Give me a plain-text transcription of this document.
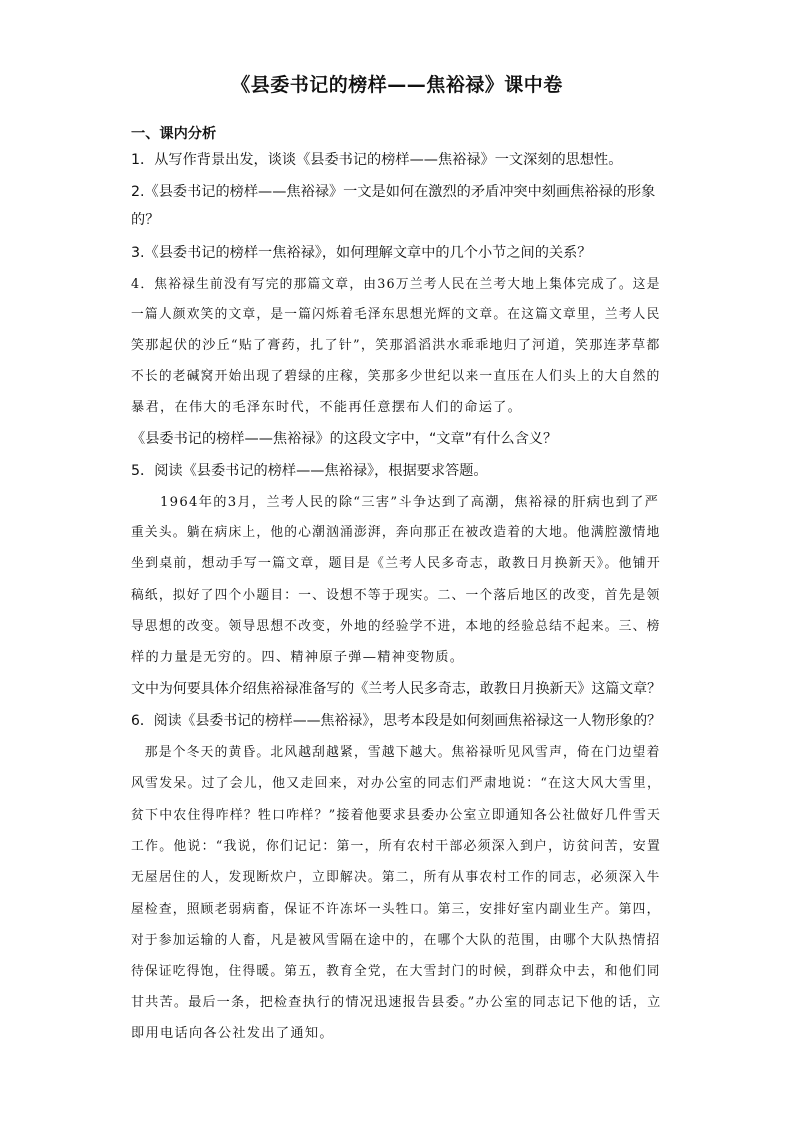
《县委书记的榜样——焦裕禄》课中卷
一、课内分析
1．从写作背景出发，谈谈《县委书记的榜样——焦裕禄》一文深刻的思想性。
2.《县委书记的榜样——焦裕禄》一文是如何在激烈的矛盾冲突中刻画焦裕禄的形象
的？
3.《县委书记的榜样一焦裕禄》，如何理解文章中的几个小节之间的关系？
4．焦裕禄生前没有写完的那篇文章，由36万兰考人民在兰考大地上集体完成了。这是
一篇人颜欢笑的文章，是一篇闪烁着毛泽东思想光辉的文章。在这篇文章里，兰考人民
笑那起伏的沙丘“贴了膏药，扎了针”，笑那滔滔洪水乖乖地归了河道，笑那连茅草都
不长的老碱窝开始出现了碧绿的庄稼，笑那多少世纪以来一直压在人们头上的大自然的
暴君，在伟大的毛泽东时代，不能再任意摆布人们的命运了。
《县委书记的榜样——焦裕禄》的这段文字中，“文章”有什么含义？
5．阅读《县委书记的榜样——焦裕禄》，根据要求答题。
　　1964年的3月，兰考人民的除“三害”斗争达到了高潮，焦裕禄的肝病也到了严
重关头。躺在病床上，他的心潮汹涌澎湃，奔向那正在被改造着的大地。他满腔激情地
坐到桌前，想动手写一篇文章，题目是《兰考人民多奇志，敢教日月换新天》。他铺开
稿纸，拟好了四个小题目：一、设想不等于现实。二、一个落后地区的改变，首先是领
导思想的改变。领导思想不改变，外地的经验学不进，本地的经验总结不起来。三、榜
样的力量是无穷的。四、精神原子弹—精神变物质。
文中为何要具体介绍焦裕禄准备写的《兰考人民多奇志，敢教日月换新天》这篇文章？
6．阅读《县委书记的榜样——焦裕禄》，思考本段是如何刻画焦裕禄这一人物形象的？
　那是个冬天的黄昏。北风越刮越紧，雪越下越大。焦裕禄听见风雪声，倚在门边望着
风雪发呆。过了会儿，他又走回来，对办公室的同志们严肃地说：“在这大风大雪里，
贫下中农住得咋样？牲口咋样？”接着他要求县委办公室立即通知各公社做好几件雪天
工作。他说：“我说，你们记记：第一，所有农村干部必须深入到户，访贫问苦，安置
无屋居住的人，发现断炊户，立即解决。第二，所有从事农村工作的同志，必须深入牛
屋检查，照顾老弱病畜，保证不许冻坏一头牲口。第三，安排好室内副业生产。第四，
对于参加运输的人畜，凡是被风雪隔在途中的，在哪个大队的范围，由哪个大队热情招
待保证吃得饱，住得暖。第五，教育全党，在大雪封门的时候，到群众中去，和他们同
甘共苦。最后一条，把检查执行的情况迅速报告县委。”办公室的同志记下他的话，立
即用电话向各公社发出了通知。
